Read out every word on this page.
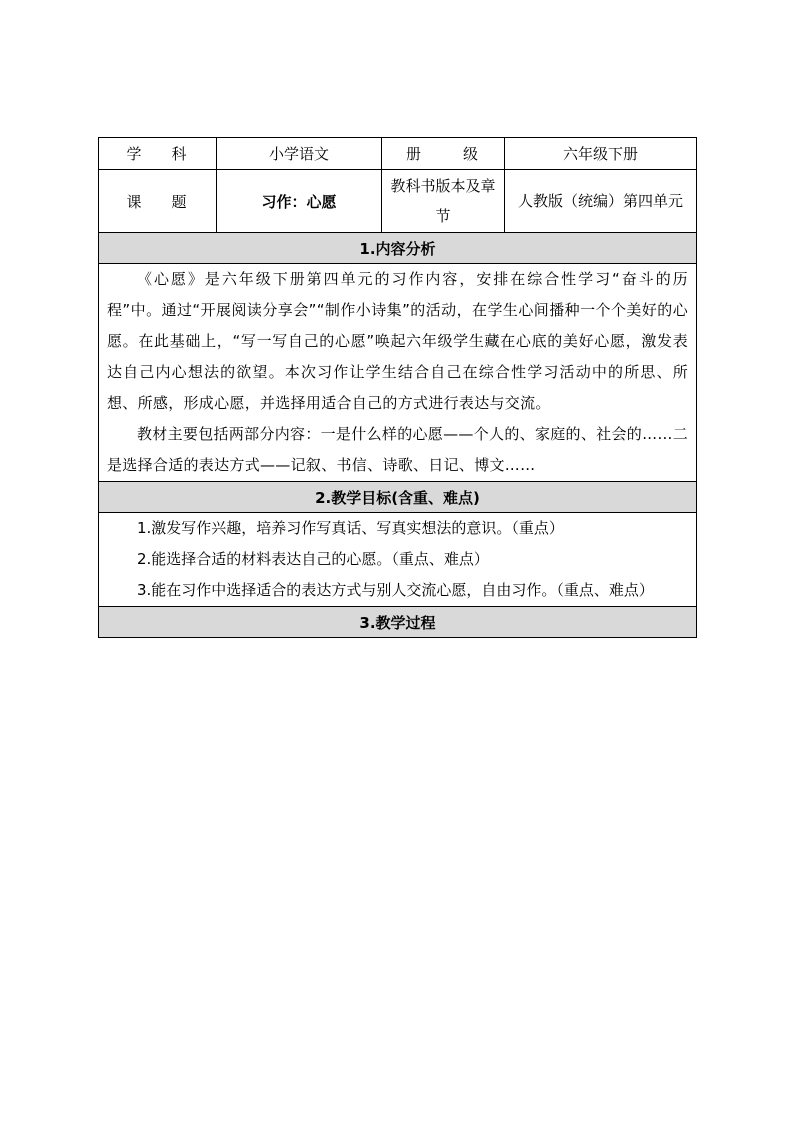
学 科	小学语文	册 级	六年级下册
课 题	习作：心愿	教科书版本及章节	人教版（统编）第四单元
1.内容分析			

《心愿》是六年级下册第四单元的习作内容，安排在综合性学习“奋斗的历程”中。通过“开展阅读分享会”“制作小诗集”的活动，在学生心间播种一个个美好的心愿。在此基础上，“写一写自己的心愿”唤起六年级学生藏在心底的美好心愿，激发表达自己内心想法的欲望。本次习作让学生结合自己在综合性学习活动中的所思、所想、所感，形成心愿，并选择用适合自己的方式进行表达与交流。

教材主要包括两部分内容：一是什么样的心愿——个人的、家庭的、社会的……二是选择合适的表达方式——记叙、书信、诗歌、日记、博文……			

2.教学目标(含重、难点)			

1.激发写作兴趣，培养习作写真话、写真实想法的意识。（重点）

2.能选择合适的材料表达自己的心愿。（重点、难点）

3.能在习作中选择适合的表达方式与别人交流心愿，自由习作。（重点、难点）			

3.教学过程			
